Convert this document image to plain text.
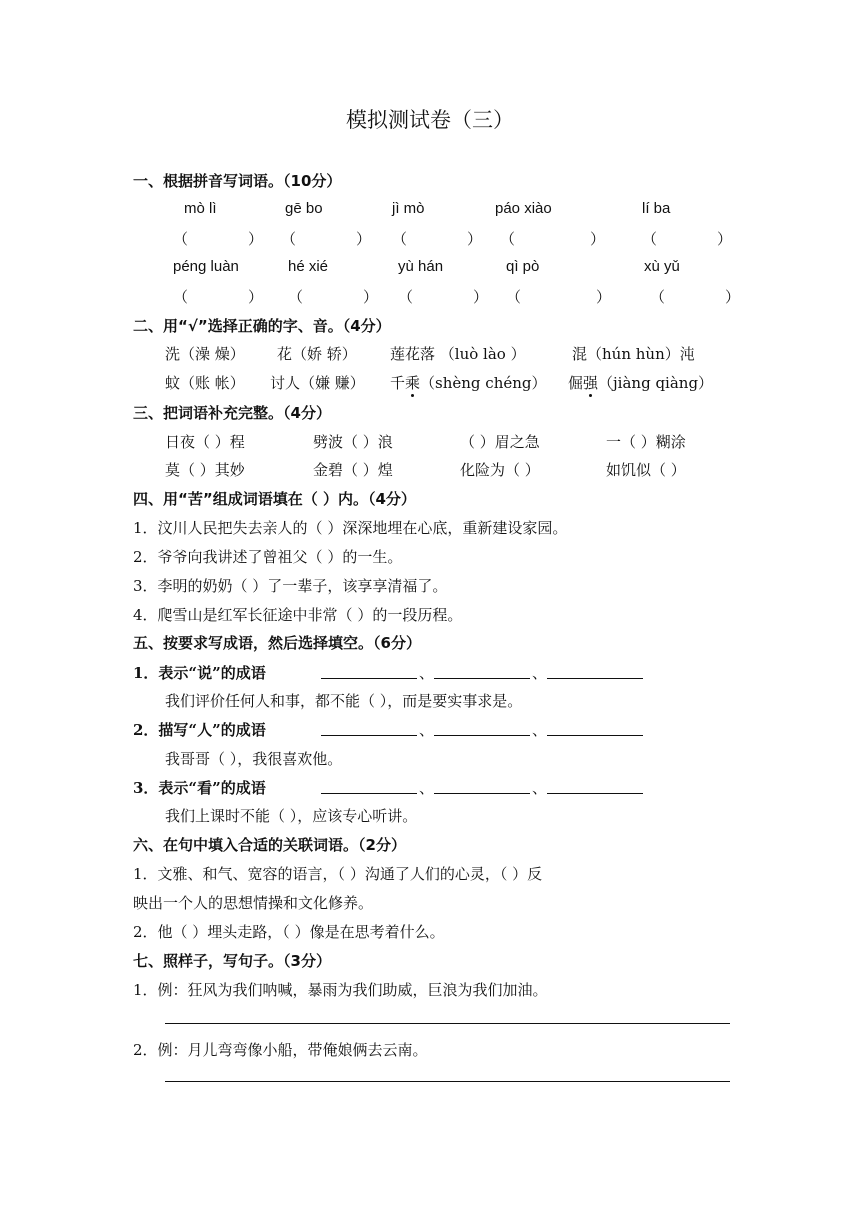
模拟测试卷（三）
一、根据拼音写词语。（10分）
mò lì	gē bo	jì mò	páo xiào	lí ba
（　　　　） （　　　　） （　　　　） （　　　　　） （　　　　）
péng luàn	hé xié	yù hán	qì pò	xù yǔ
（　　　　） （　　　　） （　　　　） （　　　　　）	（　　　　）
二、用“√”选择正确的字、音。（4分）
洗（澡 燥） 花（娇 轿） 莲花落 （luò lào ）	混（hún hùn）沌
蚊（账 帐） 讨人（嫌 赚） 千乘（shèng chéng） 倔强（jiàng qiàng）
三、把词语补充完整。（4分）
日夜（ ）程	劈波（ ）浪	（ ）眉之急	一（ ）糊涂
莫（ ）其妙	金碧（ ）煌	化险为（ ）	如饥似（ ）
四、用“苦”组成词语填在（ ）内。（4分）
1．汶川人民把失去亲人的（ ）深深地埋在心底，重新建设家园。
2．爷爷向我讲述了曾祖父（ ）的一生。
3．李明的奶奶（ ）了一辈子，该享享清福了。
4．爬雪山是红军长征途中非常（ ）的一段历程。
五、按要求写成语，然后选择填空。（6分）
1．表示“说”的成语	、	、
我们评价任何人和事，都不能（ ），而是要实事求是。
2．描写“人”的成语	、	、
我哥哥（ ），我很喜欢他。
3．表示“看”的成语	、	、
我们上课时不能（ ），应该专心听讲。
六、在句中填入合适的关联词语。（2分）
1．文雅、和气、宽容的语言，（ ）沟通了人们的心灵，（ ）反
映出一个人的思想情操和文化修养。
2．他（ ）埋头走路，（ ）像是在思考着什么。
七、照样子，写句子。（3分）
1．例：狂风为我们呐喊，暴雨为我们助威，巨浪为我们加油。
2．例：月儿弯弯像小船，带俺娘俩去云南。
